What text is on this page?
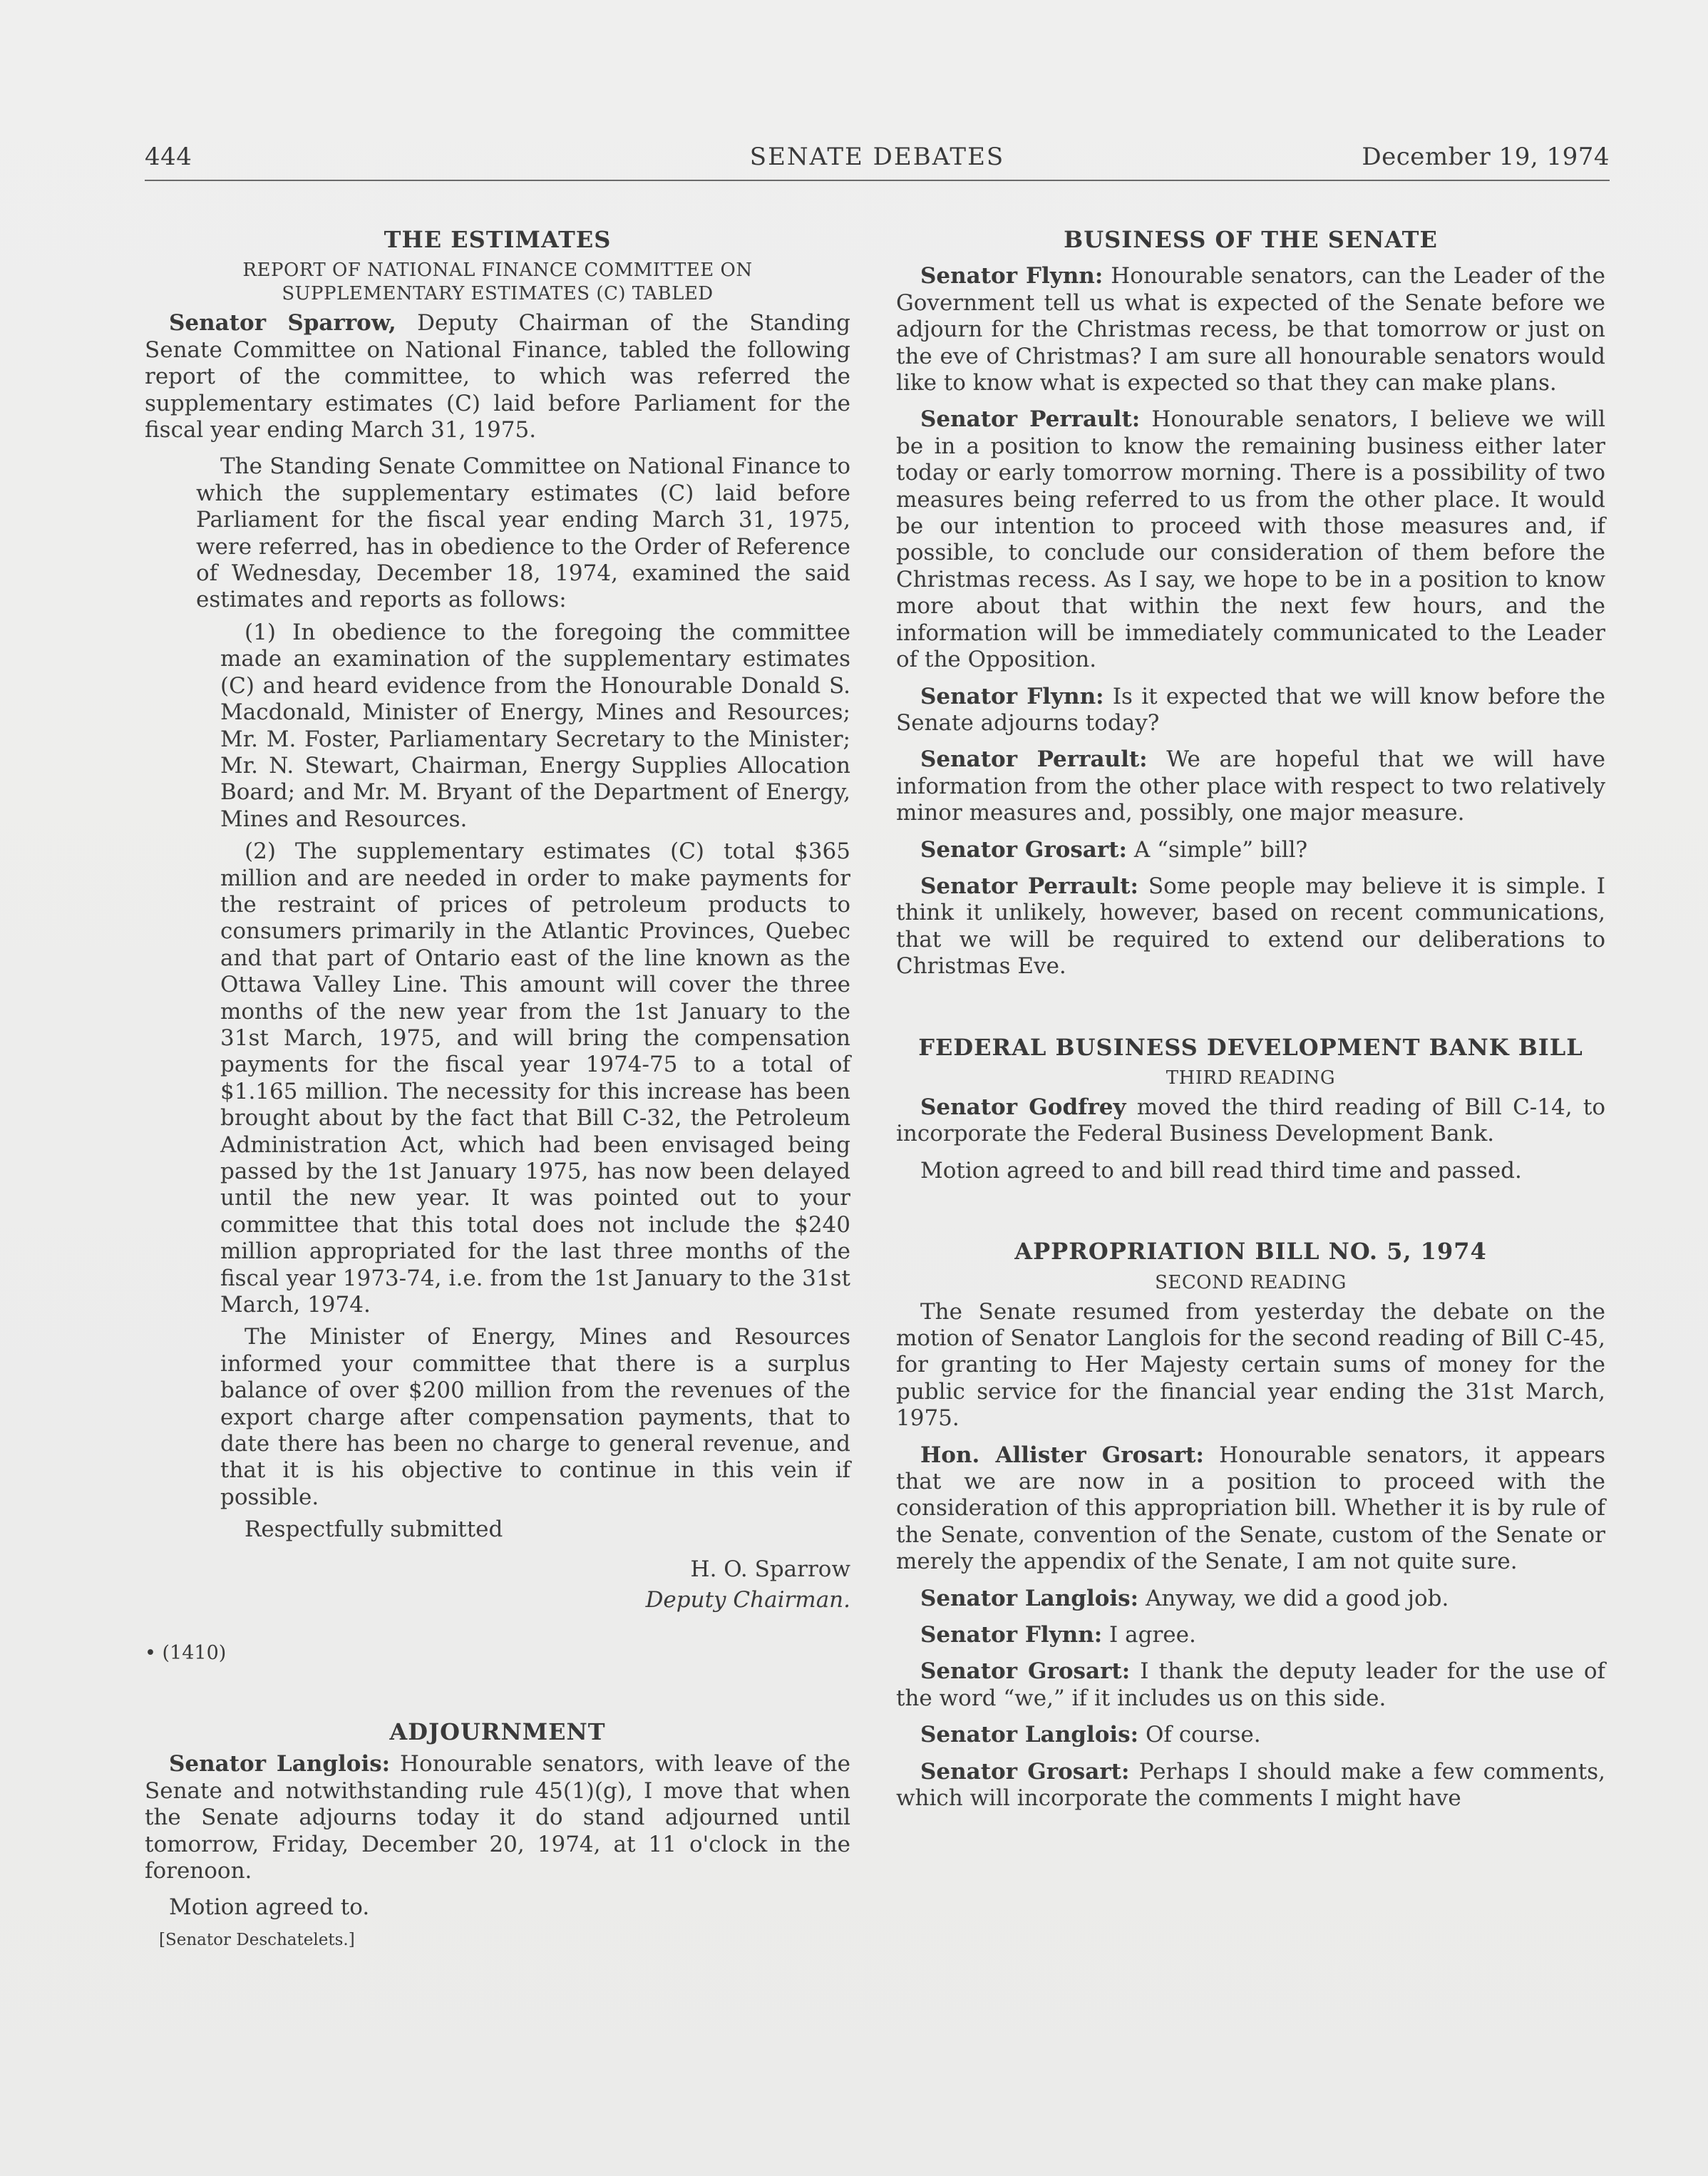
444	SENATE DEBATES	December 19, 1974
THE ESTIMATES
REPORT OF NATIONAL FINANCE COMMITTEE ON
SUPPLEMENTARY ESTIMATES (C) TABLED

Senator Sparrow, Deputy Chairman of the Standing Senate Committee on National Finance, tabled the following report of the committee, to which was referred the supplementary estimates (C) laid before Parliament for the fiscal year ending March 31, 1975.

The Standing Senate Committee on National Finance to which the supplementary estimates (C) laid before Parliament for the fiscal year ending March 31, 1975, were referred, has in obedience to the Order of Reference of Wednesday, December 18, 1974, examined the said estimates and reports as follows:

(1) In obedience to the foregoing the committee made an examination of the supplementary estimates (C) and heard evidence from the Honourable Donald S. Macdonald, Minister of Energy, Mines and Resources; Mr. M. Foster, Parliamentary Secretary to the Minister; Mr. N. Stewart, Chairman, Energy Supplies Allocation Board; and Mr. M. Bryant of the Department of Energy, Mines and Resources.

(2) The supplementary estimates (C) total $365 million and are needed in order to make payments for the restraint of prices of petroleum products to consumers primarily in the Atlantic Provinces, Quebec and that part of Ontario east of the line known as the Ottawa Valley Line. This amount will cover the three months of the new year from the 1st January to the 31st March, 1975, and will bring the compensation payments for the fiscal year 1974-75 to a total of $1.165 million. The necessity for this increase has been brought about by the fact that Bill C-32, the Petroleum Administration Act, which had been envisaged being passed by the 1st January 1975, has now been delayed until the new year. It was pointed out to your committee that this total does not include the $240 million appropriated for the last three months of the fiscal year 1973-74, i.e. from the 1st January to the 31st March, 1974.

The Minister of Energy, Mines and Resources informed your committee that there is a surplus balance of over $200 million from the revenues of the export charge after compensation payments, that to date there has been no charge to general revenue, and that it is his objective to continue in this vein if possible.

Respectfully submitted
H. O. Sparrow
Deputy Chairman.
• (1410)
ADJOURNMENT

Senator Langlois: Honourable senators, with leave of the Senate and notwithstanding rule 45(1)(g), I move that when the Senate adjourns today it do stand adjourned until tomorrow, Friday, December 20, 1974, at 11 o'clock in the forenoon.

Motion agreed to.

[Senator Deschatelets.]
BUSINESS OF THE SENATE

Senator Flynn: Honourable senators, can the Leader of the Government tell us what is expected of the Senate before we adjourn for the Christmas recess, be that tomorrow or just on the eve of Christmas? I am sure all honourable senators would like to know what is expected so that they can make plans.

Senator Perrault: Honourable senators, I believe we will be in a position to know the remaining business either later today or early tomorrow morning. There is a possibility of two measures being referred to us from the other place. It would be our intention to proceed with those measures and, if possible, to conclude our consideration of them before the Christmas recess. As I say, we hope to be in a position to know more about that within the next few hours, and the information will be immediately communicated to the Leader of the Opposition.

Senator Flynn: Is it expected that we will know before the Senate adjourns today?

Senator Perrault: We are hopeful that we will have information from the other place with respect to two relatively minor measures and, possibly, one major measure.

Senator Grosart: A “simple” bill?

Senator Perrault: Some people may believe it is simple. I think it unlikely, however, based on recent communications, that we will be required to extend our deliberations to Christmas Eve.

FEDERAL BUSINESS DEVELOPMENT BANK BILL
THIRD READING

Senator Godfrey moved the third reading of Bill C-14, to incorporate the Federal Business Development Bank.

Motion agreed to and bill read third time and passed.

APPROPRIATION BILL NO. 5, 1974
SECOND READING

The Senate resumed from yesterday the debate on the motion of Senator Langlois for the second reading of Bill C-45, for granting to Her Majesty certain sums of money for the public service for the financial year ending the 31st March, 1975.

Hon. Allister Grosart: Honourable senators, it appears that we are now in a position to proceed with the consideration of this appropriation bill. Whether it is by rule of the Senate, convention of the Senate, custom of the Senate or merely the appendix of the Senate, I am not quite sure.

Senator Langlois: Anyway, we did a good job.

Senator Flynn: I agree.

Senator Grosart: I thank the deputy leader for the use of the word “we,” if it includes us on this side.

Senator Langlois: Of course.

Senator Grosart: Perhaps I should make a few comments, which will incorporate the comments I might have
